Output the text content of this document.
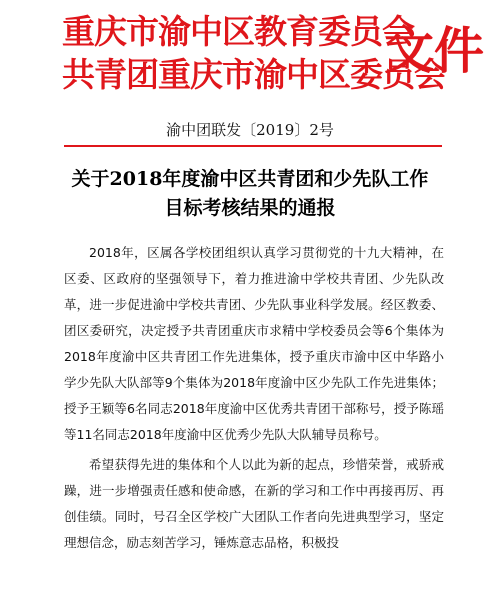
重庆市渝中区教育委员会
共青团重庆市渝中区委员会
文件
渝中团联发〔2019〕2号
关于2018年度渝中区共青团和少先队工作
目标考核结果的通报

2018年，区属各学校团组织认真学习贯彻党的十九大精神，在区委、区政府的坚强领导下，着力推进渝中学校共青团、少先队改革，进一步促进渝中学校共青团、少先队事业科学发展。经区教委、团区委研究，决定授予共青团重庆市求精中学校委员会等6个集体为2018年度渝中区共青团工作先进集体，授予重庆市渝中区中华路小学少先队大队部等9个集体为2018年度渝中区少先队工作先进集体；授予王颖等6名同志2018年度渝中区优秀共青团干部称号，授予陈瑶等11名同志2018年度渝中区优秀少先队大队辅导员称号。

希望获得先进的集体和个人以此为新的起点，珍惜荣誉，戒骄戒躁，进一步增强责任感和使命感，在新的学习和工作中再接再厉、再创佳绩。同时，号召全区学校广大团队工作者向先进典型学习，坚定理想信念，励志刻苦学习，锤炼意志品格，积极投
